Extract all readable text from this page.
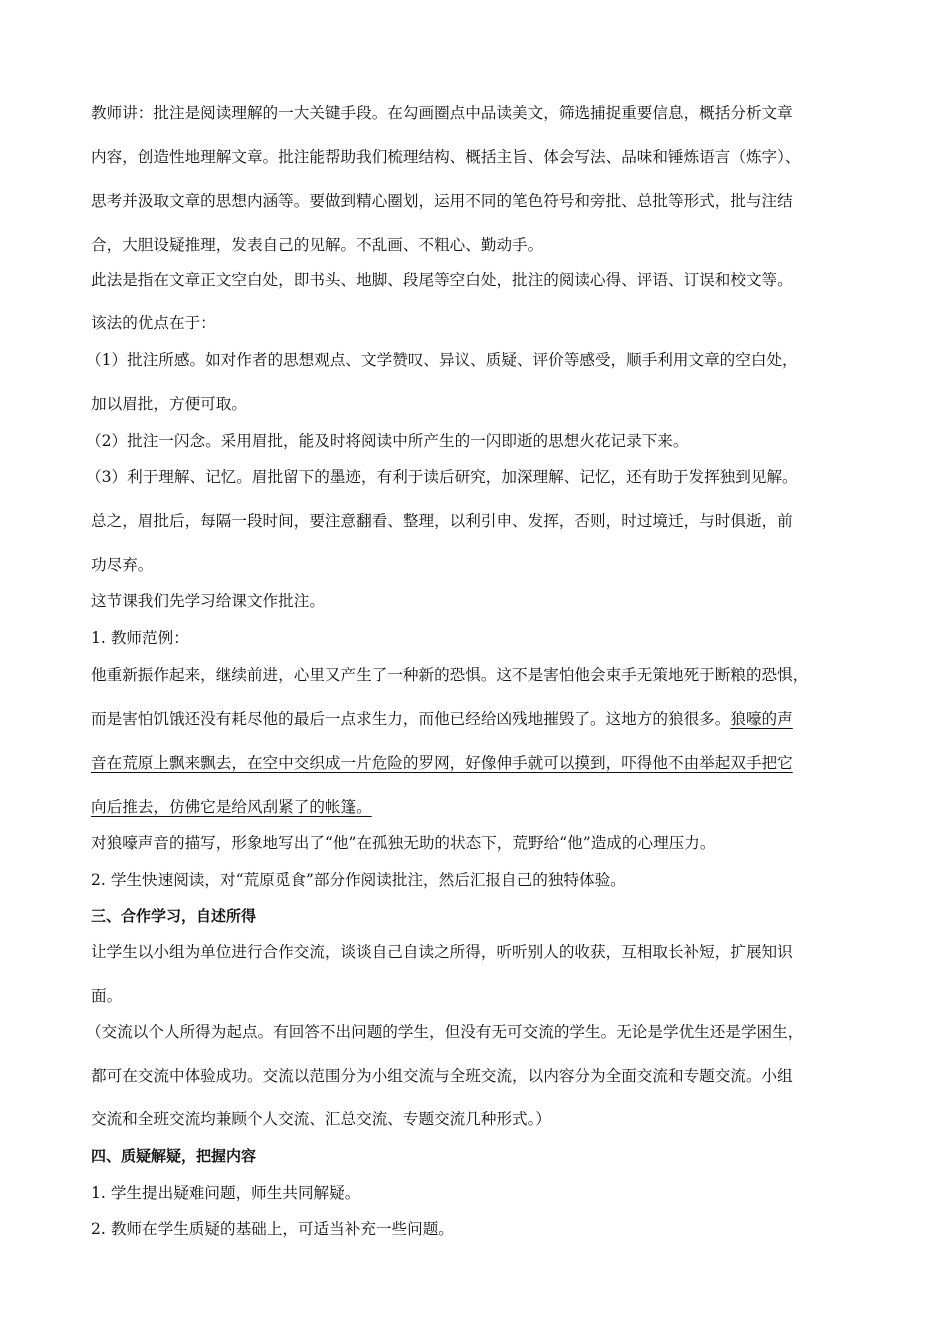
教师讲：批注是阅读理解的一大关键手段。在勾画圈点中品读美文，筛选捕捉重要信息，概括分析文章
内容，创造性地理解文章。批注能帮助我们梳理结构、概括主旨、体会写法、品味和锤炼语言（炼字）、
思考并汲取文章的思想内涵等。要做到精心圈划，运用不同的笔色符号和旁批、总批等形式，批与注结
合，大胆设疑推理，发表自己的见解。不乱画、不粗心、勤动手。
此法是指在文章正文空白处，即书头、地脚、段尾等空白处，批注的阅读心得、评语、订误和校文等。
该法的优点在于：
（1）批注所感。如对作者的思想观点、文学赞叹、异议、质疑、评价等感受，顺手利用文章的空白处，
加以眉批，方便可取。
（2）批注一闪念。采用眉批，能及时将阅读中所产生的一闪即逝的思想火花记录下来。
（3）利于理解、记忆。眉批留下的墨迹，有利于读后研究，加深理解、记忆，还有助于发挥独到见解。
总之，眉批后，每隔一段时间，要注意翻看、整理，以利引申、发挥，否则，时过境迁，与时俱逝，前
功尽弃。
这节课我们先学习给课文作批注。
1. 教师范例：
他重新振作起来，继续前进，心里又产生了一种新的恐惧。这不是害怕他会束手无策地死于断粮的恐惧，
而是害怕饥饿还没有耗尽他的最后一点求生力，而他已经给凶残地摧毁了。这地方的狼很多。狼嚎的声
音在荒原上飘来飘去，在空中交织成一片危险的罗网，好像伸手就可以摸到，吓得他不由举起双手把它
向后推去，仿佛它是给风刮紧了的帐篷。
对狼嚎声音的描写，形象地写出了“他”在孤独无助的状态下，荒野给“他”造成的心理压力。
2. 学生快速阅读，对“荒原觅食”部分作阅读批注，然后汇报自己的独特体验。
三、合作学习，自述所得
让学生以小组为单位进行合作交流，谈谈自己自读之所得，听听别人的收获，互相取长补短，扩展知识
面。
（交流以个人所得为起点。有回答不出问题的学生，但没有无可交流的学生。无论是学优生还是学困生，
都可在交流中体验成功。交流以范围分为小组交流与全班交流，以内容分为全面交流和专题交流。小组
交流和全班交流均兼顾个人交流、汇总交流、专题交流几种形式。）
四、质疑解疑，把握内容
1. 学生提出疑难问题，师生共同解疑。
2. 教师在学生质疑的基础上，可适当补充一些问题。
